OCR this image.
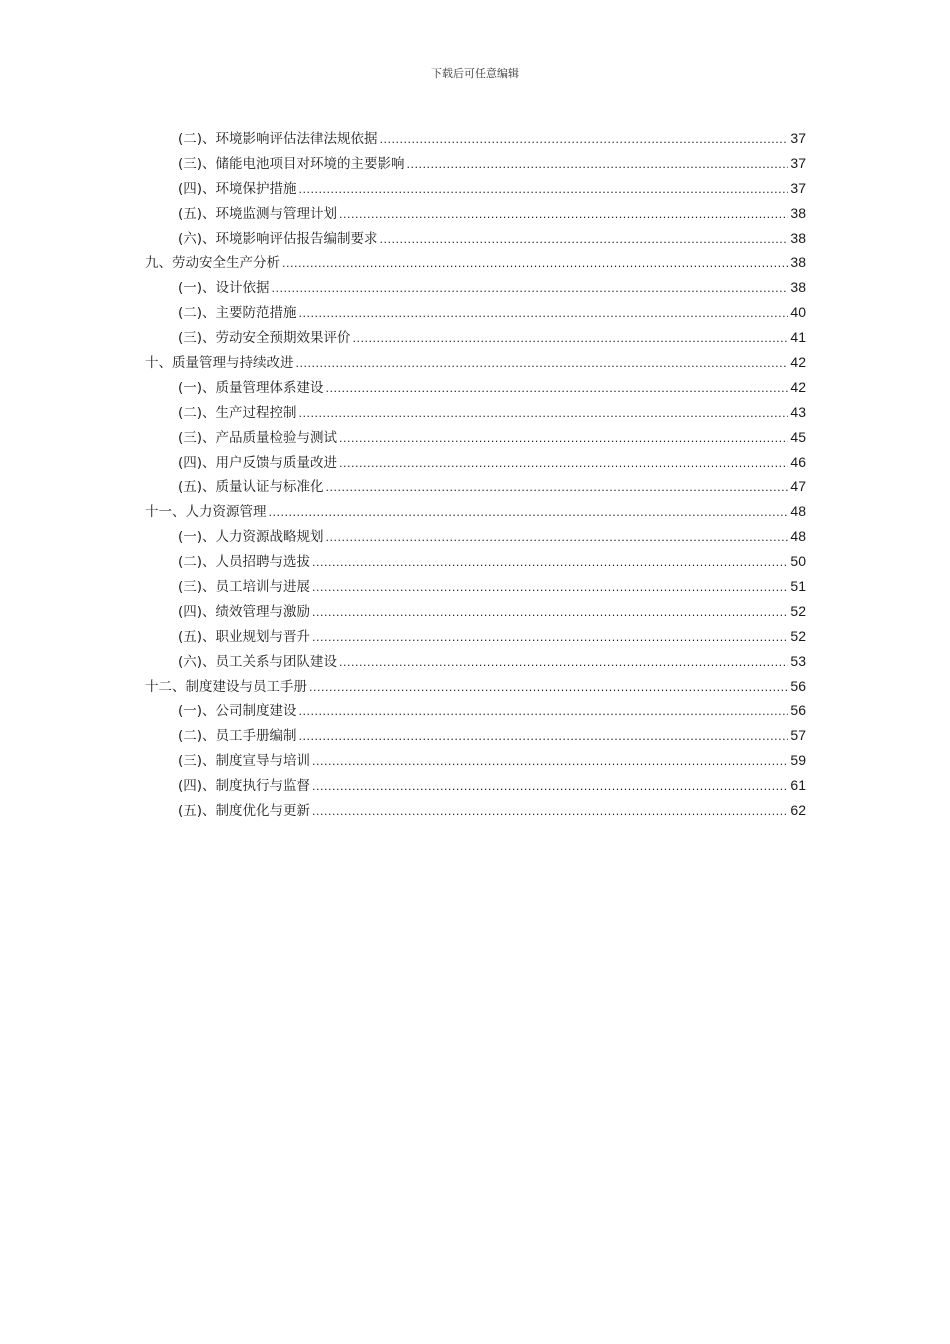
下载后可任意编辑
(二)、环境影响评估法律法规依据 .....	37
(三)、储能电池项目对环境的主要影响 .....	37
(四)、环境保护措施 .....	37
(五)、环境监测与管理计划 .....	38
(六)、环境影响评估报告编制要求 .....	38
九、劳动安全生产分析 .....	38
(一)、设计依据 .....	38
(二)、主要防范措施 .....	40
(三)、劳动安全预期效果评价 .....	41
十、质量管理与持续改进 .....	42
(一)、质量管理体系建设 .....	42
(二)、生产过程控制 .....	43
(三)、产品质量检验与测试 .....	45
(四)、用户反馈与质量改进 .....	46
(五)、质量认证与标准化 .....	47
十一、人力资源管理 .....	48
(一)、人力资源战略规划 .....	48
(二)、人员招聘与选拔 .....	50
(三)、员工培训与进展 .....	51
(四)、绩效管理与激励 .....	52
(五)、职业规划与晋升 .....	52
(六)、员工关系与团队建设 .....	53
十二、制度建设与员工手册 .....	56
(一)、公司制度建设 .....	56
(二)、员工手册编制 .....	57
(三)、制度宣导与培训 .....	59
(四)、制度执行与监督 .....	61
(五)、制度优化与更新 .....	62
